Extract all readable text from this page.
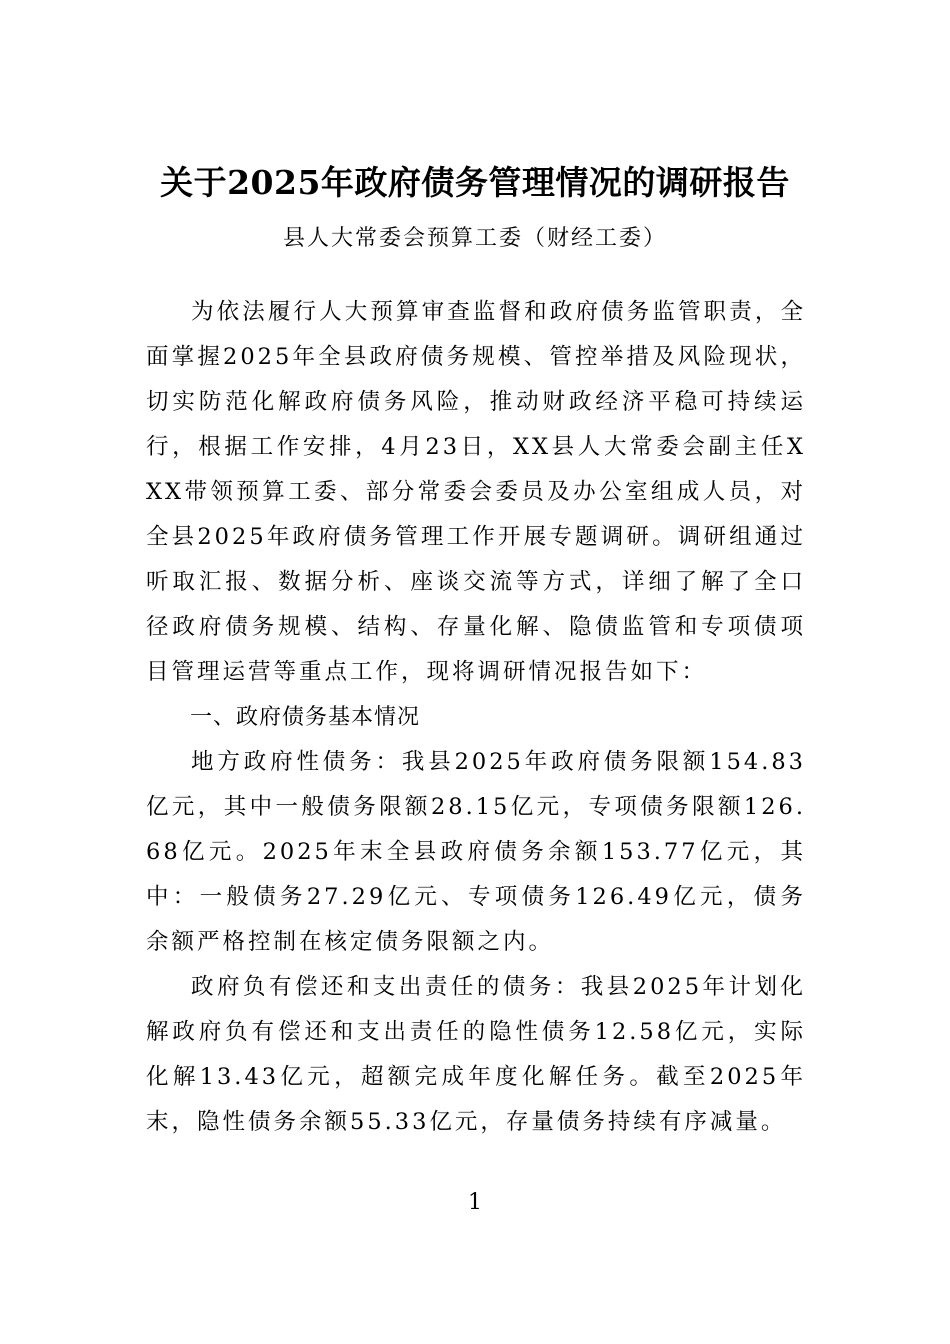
关于2025年政府债务管理情况的调研报告
县人大常委会预算工委（财经工委）

为依法履行人大预算审查监督和政府债务监管职责，全面掌握2025年全县政府债务规模、管控举措及风险现状，切实防范化解政府债务风险，推动财政经济平稳可持续运行，根据工作安排，4月23日，XX县人大常委会副主任XXX带领预算工委、部分常委会委员及办公室组成人员，对全县2025年政府债务管理工作开展专题调研。调研组通过听取汇报、数据分析、座谈交流等方式，详细了解了全口径政府债务规模、结构、存量化解、隐债监管和专项债项目管理运营等重点工作，现将调研情况报告如下：

一、政府债务基本情况

地方政府性债务：我县2025年政府债务限额154.83亿元，其中一般债务限额28.15亿元，专项债务限额126.68亿元。2025年末全县政府债务余额153.77亿元，其中：一般债务27.29亿元、专项债务126.49亿元，债务余额严格控制在核定债务限额之内。

政府负有偿还和支出责任的债务：我县2025年计划化解政府负有偿还和支出责任的隐性债务12.58亿元，实际化解13.43亿元，超额完成年度化解任务。截至2025年末，隐性债务余额55.33亿元，存量债务持续有序减量。

1
